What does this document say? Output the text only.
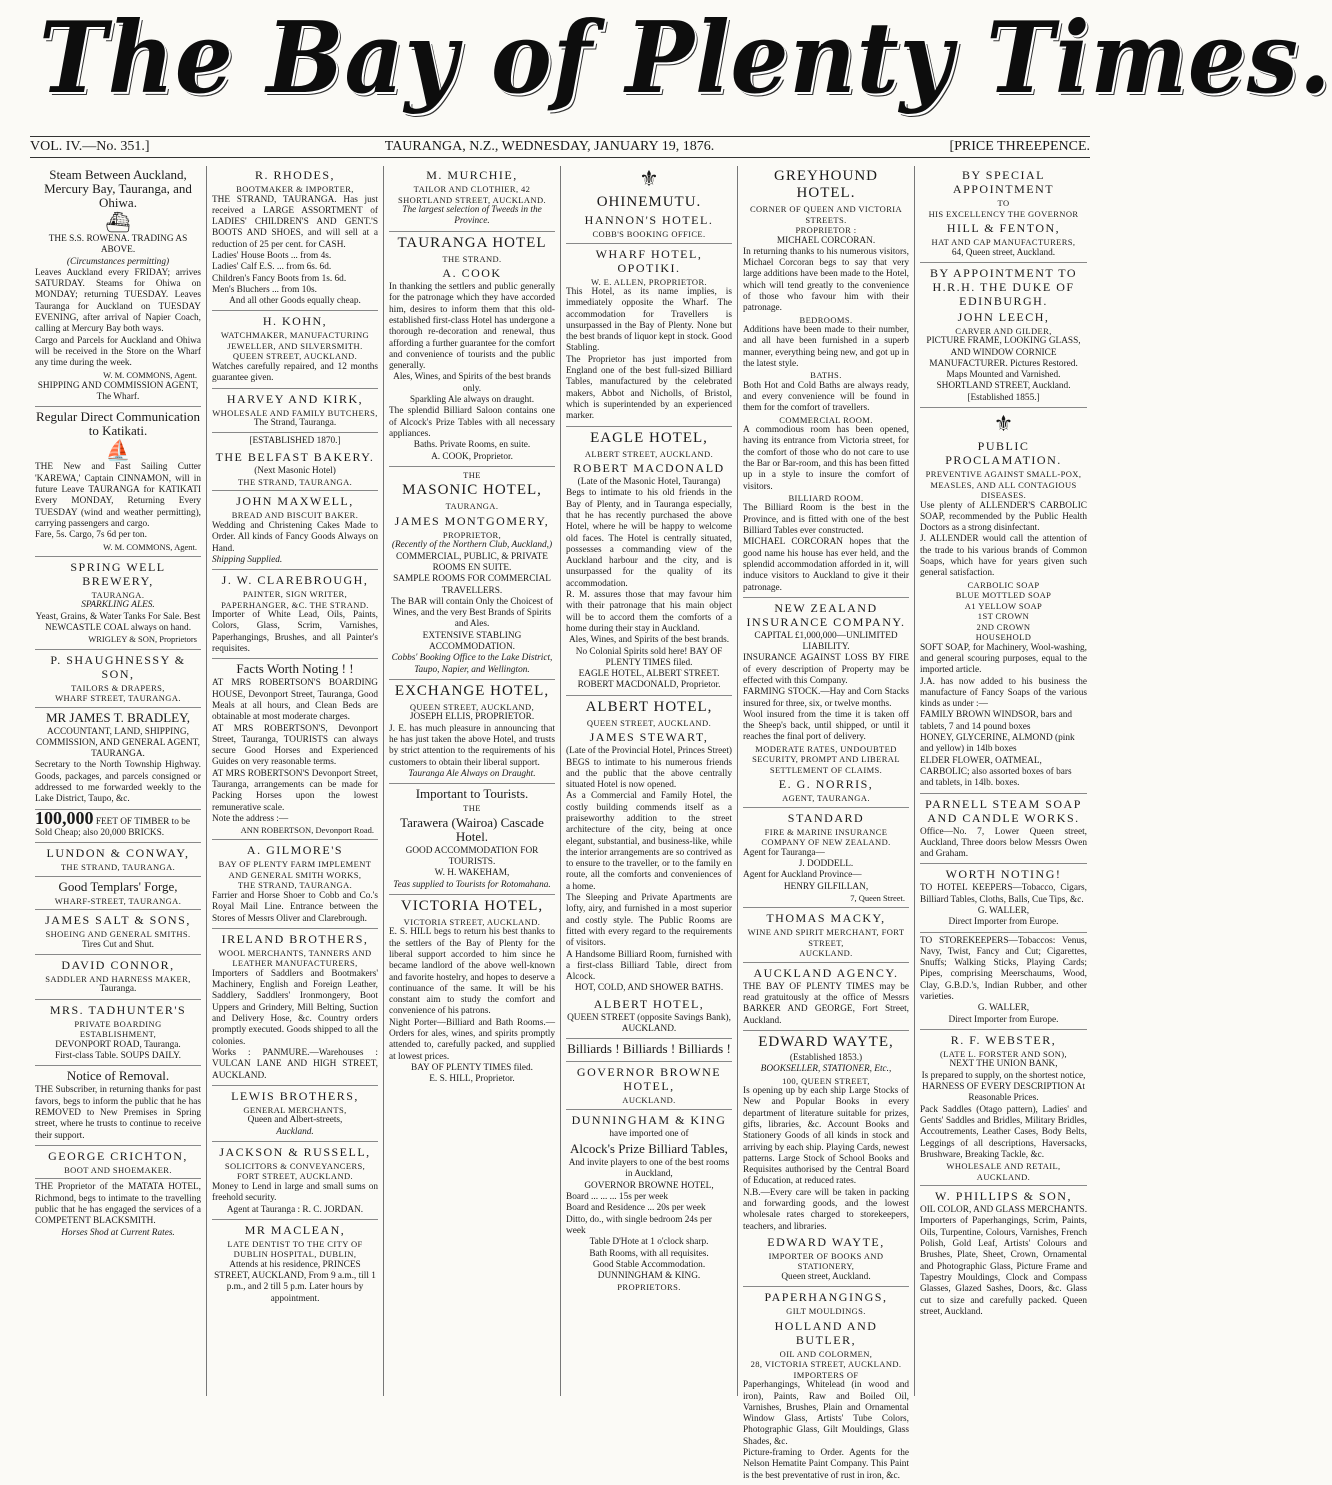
The Bay of Plenty Times.
VOL. IV.—No. 351.]	TAURANGA, N.Z., WEDNESDAY, JANUARY 19, 1876.	[PRICE THREEPENCE.
Steam Between Auckland, Mercury Bay, Tauranga, and Ohiwa.
⛴
THE S.S. ROWENA. TRADING AS ABOVE.
(Circumstances permitting)
Leaves Auckland every FRIDAY; arrives SATURDAY. Steams for Ohiwa on MONDAY; returning TUESDAY. Leaves Tauranga for Auckland on TUESDAY EVENING, after arrival of Napier Coach, calling at Mercury Bay both ways.
Cargo and Parcels for Auckland and Ohiwa will be received in the Store on the Wharf any time during the week.
W. M. COMMONS, Agent.
SHIPPING AND COMMISSION AGENT, The Wharf.
Regular Direct Communication to Katikati.
⛵
THE New and Fast Sailing Cutter 'KAREWA,' Captain CINNAMON, will in future Leave TAURANGA for KATIKATI Every MONDAY, Returning Every TUESDAY (wind and weather permitting), carrying passengers and cargo.
Fare, 5s. Cargo, 7s 6d per ton.
W. M. COMMONS, Agent.
SPRING WELL BREWERY,
TAURANGA.
SPARKLING ALES.
Yeast, Grains, & Water Tanks For Sale. Best NEWCASTLE COAL always on hand.
WRIGLEY & SON, Proprietors
P. SHAUGHNESSY & SON,
TAILORS & DRAPERS,
WHARF STREET, TAURANGA.
MR JAMES T. BRADLEY,
ACCOUNTANT, LAND, SHIPPING, COMMISSION, AND GENERAL AGENT, TAURANGA.
Secretary to the North Township Highway. Goods, packages, and parcels consigned or addressed to me forwarded weekly to the Lake District, Taupo, &c.
100,000 FEET OF TIMBER to be Sold Cheap; also 20,000 BRICKS.
LUNDON & CONWAY,
THE STRAND, TAURANGA.
Good Templars' Forge,
WHARF-STREET, TAURANGA.
JAMES SALT & SONS,
SHOEING AND GENERAL SMITHS.
Tires Cut and Shut.
DAVID CONNOR,
SADDLER AND HARNESS MAKER,
Tauranga.
MRS. TADHUNTER'S
PRIVATE BOARDING ESTABLISHMENT,
DEVONPORT ROAD, Tauranga.
First-class Table. SOUPS DAILY.
Notice of Removal.
THE Subscriber, in returning thanks for past favors, begs to inform the public that he has REMOVED to New Premises in Spring street, where he trusts to continue to receive their support.
GEORGE CRICHTON,
BOOT AND SHOEMAKER.
THE Proprietor of the MATATA HOTEL, Richmond, begs to intimate to the travelling public that he has engaged the services of a COMPETENT BLACKSMITH.
Horses Shod at Current Rates.
R. RHODES,
BOOTMAKER & IMPORTER,
THE STRAND, TAURANGA. Has just received a LARGE ASSORTMENT of LADIES' CHILDREN'S AND GENT.'S BOOTS AND SHOES, and will sell at a reduction of 25 per cent. for CASH.
Ladies' House Boots ... from 4s.
Ladies' Calf E.S. ... from 6s. 6d.
Children's Fancy Boots from 1s. 6d.
Men's Bluchers ... from 10s.
And all other Goods equally cheap.
H. KOHN,
WATCHMAKER, MANUFACTURING JEWELLER, AND SILVERSMITH.
QUEEN STREET, AUCKLAND.
Watches carefully repaired, and 12 months guarantee given.
HARVEY AND KIRK,
WHOLESALE AND FAMILY BUTCHERS,
The Strand, Tauranga.
[ESTABLISHED 1870.]
THE BELFAST BAKERY.
(Next Masonic Hotel)
THE STRAND, TAURANGA.
JOHN MAXWELL,
BREAD AND BISCUIT BAKER.
Wedding and Christening Cakes Made to Order. All kinds of Fancy Goods Always on Hand.
Shipping Supplied.
J. W. CLAREBROUGH,
PAINTER, SIGN WRITER, PAPERHANGER, &C. THE STRAND.
Importer of White Lead, Oils, Paints, Colors, Glass, Scrim, Varnishes, Paperhangings, Brushes, and all Painter's requisites.
Facts Worth Noting ! !
AT MRS ROBERTSON'S BOARDING HOUSE, Devonport Street, Tauranga, Good Meals at all hours, and Clean Beds are obtainable at most moderate charges.
AT MRS ROBERTSON'S, Devonport Street, Tauranga, TOURISTS can always secure Good Horses and Experienced Guides on very reasonable terms.
AT MRS ROBERTSON'S Devonport Street, Tauranga, arrangements can be made for Packing Horses upon the lowest remunerative scale.
Note the address :—
ANN ROBERTSON, Devonport Road.
A. GILMORE'S
BAY OF PLENTY FARM IMPLEMENT AND GENERAL SMITH WORKS,
THE STRAND, TAURANGA.
Farrier and Horse Shoer to Cobb and Co.'s Royal Mail Line. Entrance between the Stores of Messrs Oliver and Clarebrough.
IRELAND BROTHERS,
WOOL MERCHANTS, TANNERS AND LEATHER MANUFACTURERS,
Importers of Saddlers and Bootmakers' Machinery, English and Foreign Leather, Saddlery, Saddlers' Ironmongery, Boot Uppers and Grindery, Mill Belting, Suction and Delivery Hose, &c. Country orders promptly executed. Goods shipped to all the colonies.
Works : PANMURE.—Warehouses : VULCAN LANE AND HIGH STREET, AUCKLAND.
LEWIS BROTHERS,
GENERAL MERCHANTS,
Queen and Albert-streets,
Auckland.
JACKSON & RUSSELL,
SOLICITORS & CONVEYANCERS,
FORT STREET, AUCKLAND.
Money to Lend in large and small sums on freehold security.
Agent at Tauranga : R. C. JORDAN.
MR MACLEAN,
LATE DENTIST TO THE CITY OF DUBLIN HOSPITAL, DUBLIN,
Attends at his residence, PRINCES STREET, AUCKLAND, From 9 a.m., till 1 p.m., and 2 till 5 p.m. Later hours by appointment.
M. MURCHIE,
TAILOR AND CLOTHIER, 42 SHORTLAND STREET, AUCKLAND.
The largest selection of Tweeds in the Province.
TAURANGA HOTEL
THE STRAND.
A. COOK
In thanking the settlers and public generally for the patronage which they have accorded him, desires to inform them that this old-established first-class Hotel has undergone a thorough re-decoration and renewal, thus affording a further guarantee for the comfort and convenience of tourists and the public generally.
Ales, Wines, and Spirits of the best brands only.
Sparkling Ale always on draught.
The splendid Billiard Saloon contains one of Alcock's Prize Tables with all necessary appliances.
Baths. Private Rooms, en suite.
A. COOK, Proprietor.
THE
MASONIC HOTEL,
TAURANGA.
JAMES MONTGOMERY,
PROPRIETOR,
(Recently of the Northern Club, Auckland,)
COMMERCIAL, PUBLIC, & PRIVATE ROOMS EN SUITE.
SAMPLE ROOMS FOR COMMERCIAL TRAVELLERS.
The BAR will contain Only the Choicest of Wines, and the very Best Brands of Spirits and Ales.
EXTENSIVE STABLING ACCOMMODATION.
Cobbs' Booking Office to the Lake District, Taupo, Napier, and Wellington.
EXCHANGE HOTEL,
QUEEN STREET, AUCKLAND,
JOSEPH ELLIS, PROPRIETOR.
J. E. has much pleasure in announcing that he has just taken the above Hotel, and trusts by strict attention to the requirements of his customers to obtain their liberal support.
Tauranga Ale Always on Draught.
Important to Tourists.
THE
Tarawera (Wairoa) Cascade Hotel.
GOOD ACCOMMODATION FOR TOURISTS.
W. H. WAKEHAM,
Teas supplied to Tourists for Rotomahana.
VICTORIA HOTEL,
VICTORIA STREET, AUCKLAND.
E. S. HILL begs to return his best thanks to the settlers of the Bay of Plenty for the liberal support accorded to him since he became landlord of the above well-known and favorite hostelry, and hopes to deserve a continuance of the same. It will be his constant aim to study the comfort and convenience of his patrons.
Night Porter—Billiard and Bath Rooms.—Orders for ales, wines, and spirits promptly attended to, carefully packed, and supplied at lowest prices.
BAY OF PLENTY TIMES filed.
E. S. HILL, Proprietor.
⚜
OHINEMUTU.
HANNON'S HOTEL.
COBB'S BOOKING OFFICE.
WHARF HOTEL, OPOTIKI.
W. E. ALLEN, PROPRIETOR.
This Hotel, as its name implies, is immediately opposite the Wharf. The accommodation for Travellers is unsurpassed in the Bay of Plenty. None but the best brands of liquor kept in stock. Good Stabling.
The Proprietor has just imported from England one of the best full-sized Billiard Tables, manufactured by the celebrated makers, Abbot and Nicholls, of Bristol, which is superintended by an experienced marker.
EAGLE HOTEL,
ALBERT STREET, AUCKLAND.
ROBERT MACDONALD
(Late of the Masonic Hotel, Tauranga)
Begs to intimate to his old friends in the Bay of Plenty, and in Tauranga especially, that he has recently purchased the above Hotel, where he will be happy to welcome old faces. The Hotel is centrally situated, possesses a commanding view of the Auckland harbour and the city, and is unsurpassed for the quality of its accommodation.
R. M. assures those that may favour him with their patronage that his main object will be to accord them the comforts of a home during their stay in Auckland.
Ales, Wines, and Spirits of the best brands. No Colonial Spirits sold here! BAY OF PLENTY TIMES filed.
EAGLE HOTEL, ALBERT STREET.
ROBERT MACDONALD, Proprietor.
ALBERT HOTEL,
QUEEN STREET, AUCKLAND.
JAMES STEWART,
(Late of the Provincial Hotel, Princes Street)
BEGS to intimate to his numerous friends and the public that the above centrally situated Hotel is now opened.
As a Commercial and Family Hotel, the costly building commends itself as a praiseworthy addition to the street architecture of the city, being at once elegant, substantial, and business-like, while the interior arrangements are so contrived as to ensure to the traveller, or to the family en route, all the comforts and conveniences of a home.
The Sleeping and Private Apartments are lofty, airy, and furnished in a most superior and costly style. The Public Rooms are fitted with every regard to the requirements of visitors.
A Handsome Billiard Room, furnished with a first-class Billiard Table, direct from Alcock.
HOT, COLD, AND SHOWER BATHS.
ALBERT HOTEL,
QUEEN STREET (opposite Savings Bank), AUCKLAND.
Billiards ! Billiards ! Billiards !
GOVERNOR BROWNE HOTEL,
AUCKLAND.
DUNNINGHAM & KING
have imported one of
Alcock's Prize Billiard Tables,
And invite players to one of the best rooms in Auckland,
GOVERNOR BROWNE HOTEL,
Board ... ... ... 15s per week
Board and Residence ... 20s per week
Ditto, do., with single bedroom 24s per week
Table D'Hote at 1 o'clock sharp.
Bath Rooms, with all requisites.
Good Stable Accommodation.
DUNNINGHAM & KING.
PROPRIETORS.
GREYHOUND HOTEL.
CORNER OF QUEEN AND VICTORIA STREETS.
PROPRIETOR :
MICHAEL CORCORAN.
In returning thanks to his numerous visitors, Michael Corcoran begs to say that very large additions have been made to the Hotel, which will tend greatly to the convenience of those who favour him with their patronage.
BEDROOMS.
Additions have been made to their number, and all have been furnished in a superb manner, everything being new, and got up in the latest style.
BATHS.
Both Hot and Cold Baths are always ready, and every convenience will be found in them for the comfort of travellers.
COMMERCIAL ROOM.
A commodious room has been opened, having its entrance from Victoria street, for the comfort of those who do not care to use the Bar or Bar-room, and this has been fitted up in a style to insure the comfort of visitors.
BILLIARD ROOM.
The Billiard Room is the best in the Province, and is fitted with one of the best Billiard Tables ever constructed.
MICHAEL CORCORAN hopes that the good name his house has ever held, and the splendid accommodation afforded in it, will induce visitors to Auckland to give it their patronage.
NEW ZEALAND INSURANCE COMPANY.
CAPITAL £1,000,000—UNLIMITED LIABILITY.
INSURANCE AGAINST LOSS BY FIRE of every description of Property may be effected with this Company.
FARMING STOCK.—Hay and Corn Stacks insured for three, six, or twelve months.
Wool insured from the time it is taken off the Sheep's back, until shipped, or until it reaches the final port of delivery.
MODERATE RATES, UNDOUBTED SECURITY, PROMPT AND LIBERAL SETTLEMENT OF CLAIMS.
E. G. NORRIS,
AGENT, TAURANGA.
STANDARD
FIRE & MARINE INSURANCE COMPANY OF NEW ZEALAND.
Agent for Tauranga—
J. DODDELL.
Agent for Auckland Province—
HENRY GILFILLAN,
7, Queen Street.
THOMAS MACKY,
WINE AND SPIRIT MERCHANT, FORT STREET,
AUCKLAND.
AUCKLAND AGENCY.
THE BAY OF PLENTY TIMES may be read gratuitously at the office of Messrs BARKER AND GEORGE, Fort Street, Auckland.
EDWARD WAYTE,
(Established 1853.)
BOOKSELLER, STATIONER, Etc.,
100, QUEEN STREET,
Is opening up by each ship Large Stocks of New and Popular Books in every department of literature suitable for prizes, gifts, libraries, &c. Account Books and Stationery Goods of all kinds in stock and arriving by each ship. Playing Cards, newest patterns. Large Stock of School Books and Requisites authorised by the Central Board of Education, at reduced rates.
N.B.—Every care will be taken in packing and forwarding goods, and the lowest wholesale rates charged to storekeepers, teachers, and libraries.
EDWARD WAYTE,
IMPORTER OF BOOKS AND STATIONERY,
Queen street, Auckland.
PAPERHANGINGS,
GILT MOULDINGS.
HOLLAND AND BUTLER,
OIL AND COLORMEN,
28, VICTORIA STREET, AUCKLAND.
IMPORTERS OF
Paperhangings, Whitelead (in wood and iron), Paints, Raw and Boiled Oil, Varnishes, Brushes, Plain and Ornamental Window Glass, Artists' Tube Colors, Photographic Glass, Gilt Mouldings, Glass Shades, &c.
Picture-framing to Order. Agents for the Nelson Hematite Paint Company. This Paint is the best preventative of rust in iron, &c.
BY SPECIAL APPOINTMENT
TO
HIS EXCELLENCY THE GOVERNOR
HILL & FENTON,
HAT AND CAP MANUFACTURERS,
64, Queen street, Auckland.
BY APPOINTMENT TO H.R.H. THE DUKE OF EDINBURGH.
JOHN LEECH,
CARVER AND GILDER,
PICTURE FRAME, LOOKING GLASS, AND WINDOW CORNICE MANUFACTURER. Pictures Restored. Maps Mounted and Varnished.
SHORTLAND STREET, Auckland.
[Established 1855.]
⚜
PUBLIC PROCLAMATION.
PREVENTIVE AGAINST SMALL-POX, MEASLES, AND ALL CONTAGIOUS DISEASES.
Use plenty of ALLENDER'S CARBOLIC SOAP, recommended by the Public Health Doctors as a strong disinfectant.
J. ALLENDER would call the attention of the trade to his various brands of Common Soaps, which have for years given such general satisfaction.
CARBOLIC SOAP
BLUE MOTTLED SOAP
A1 YELLOW SOAP
1ST CROWN
2ND CROWN
HOUSEHOLD
SOFT SOAP, for Machinery, Wool-washing, and general scouring purposes, equal to the imported article.
J.A. has now added to his business the manufacture of Fancy Soaps of the various kinds as under :—
FAMILY BROWN WINDSOR, bars and tablets, 7 and 14 pound boxes
HONEY, GLYCERINE, ALMOND (pink and yellow) in 14lb boxes
ELDER FLOWER, OATMEAL, CARBOLIC; also assorted boxes of bars and tablets, in 14lb. boxes.
PARNELL STEAM SOAP AND CANDLE WORKS.
Office—No. 7, Lower Queen street, Auckland, Three doors below Messrs Owen and Graham.
WORTH NOTING!
TO HOTEL KEEPERS—Tobacco, Cigars, Billiard Tables, Cloths, Balls, Cue Tips, &c.
G. WALLER,
Direct Importer from Europe.
TO STOREKEEPERS—Tobaccos: Venus, Navy, Twist, Fancy and Cut; Cigarettes, Snuffs; Walking Sticks, Playing Cards; Pipes, comprising Meerschaums, Wood, Clay, G.B.D.'s, Indian Rubber, and other varieties.
G. WALLER,
Direct Importer from Europe.
R. F. WEBSTER,
(LATE L. FORSTER AND SON),
NEXT THE UNION BANK,
Is prepared to supply, on the shortest notice,
HARNESS OF EVERY DESCRIPTION At Reasonable Prices.
Pack Saddles (Otago pattern), Ladies' and Gents' Saddles and Bridles, Military Bridles, Accoutrements, Leather Cases, Body Belts, Leggings of all descriptions, Haversacks, Brushware, Breaking Tackle, &c.
WHOLESALE AND RETAIL, AUCKLAND.
W. PHILLIPS & SON,
OIL COLOR, AND GLASS MERCHANTS. Importers of Paperhangings, Scrim, Paints, Oils, Turpentine, Colours, Varnishes, French Polish, Gold Leaf, Artists' Colours and Brushes, Plate, Sheet, Crown, Ornamental and Photographic Glass, Picture Frame and Tapestry Mouldings, Clock and Compass Glasses, Glazed Sashes, Doors, &c. Glass cut to size and carefully packed. Queen street, Auckland.
